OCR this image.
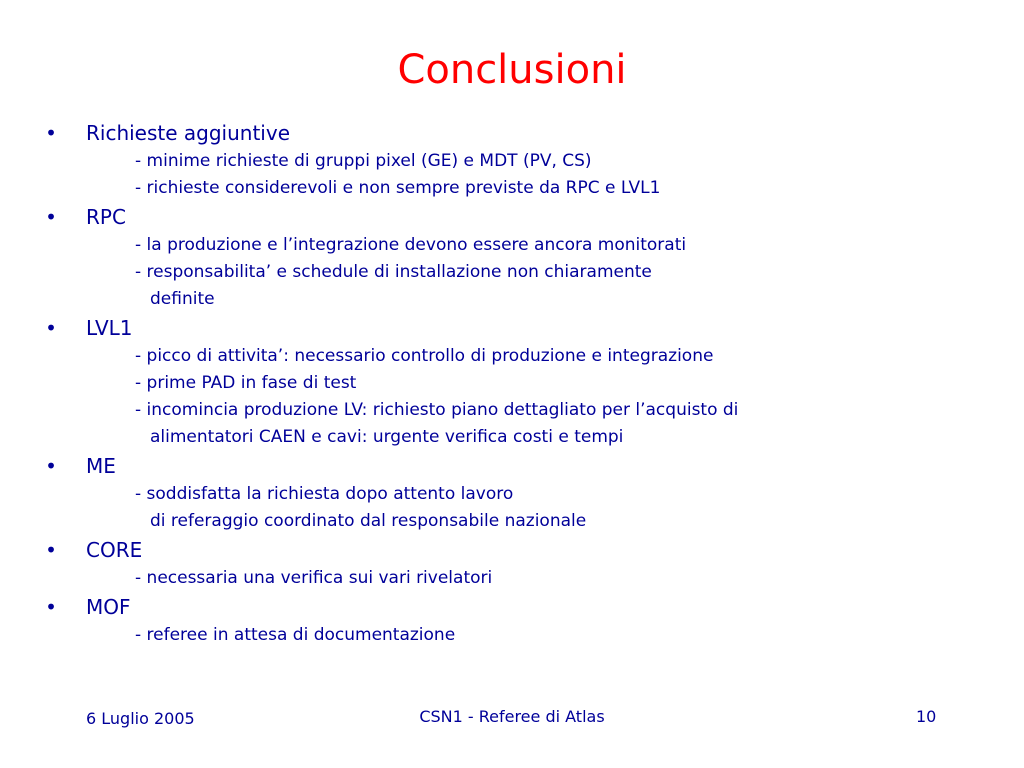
Conclusioni
• Richieste aggiuntive
- minime richieste di gruppi pixel (GE) e MDT (PV, CS)
- richieste considerevoli e non sempre previste da RPC e LVL1
• RPC
- la produzione e l’integrazione devono essere ancora monitorati
- responsabilita’ e schedule di installazione non chiaramente
definite
• LVL1
- picco di attivita’: necessario controllo di produzione e integrazione
- prime PAD in fase di test
- incomincia produzione LV: richiesto piano dettagliato per l’acquisto di
alimentatori CAEN e cavi: urgente verifica costi e tempi
• ME
- soddisfatta la richiesta dopo attento lavoro
di referaggio coordinato dal responsabile nazionale
• CORE
- necessaria una verifica sui vari rivelatori
• MOF
- referee in attesa di documentazione
6 Luglio 2005	CSN1 - Referee di Atlas	10
